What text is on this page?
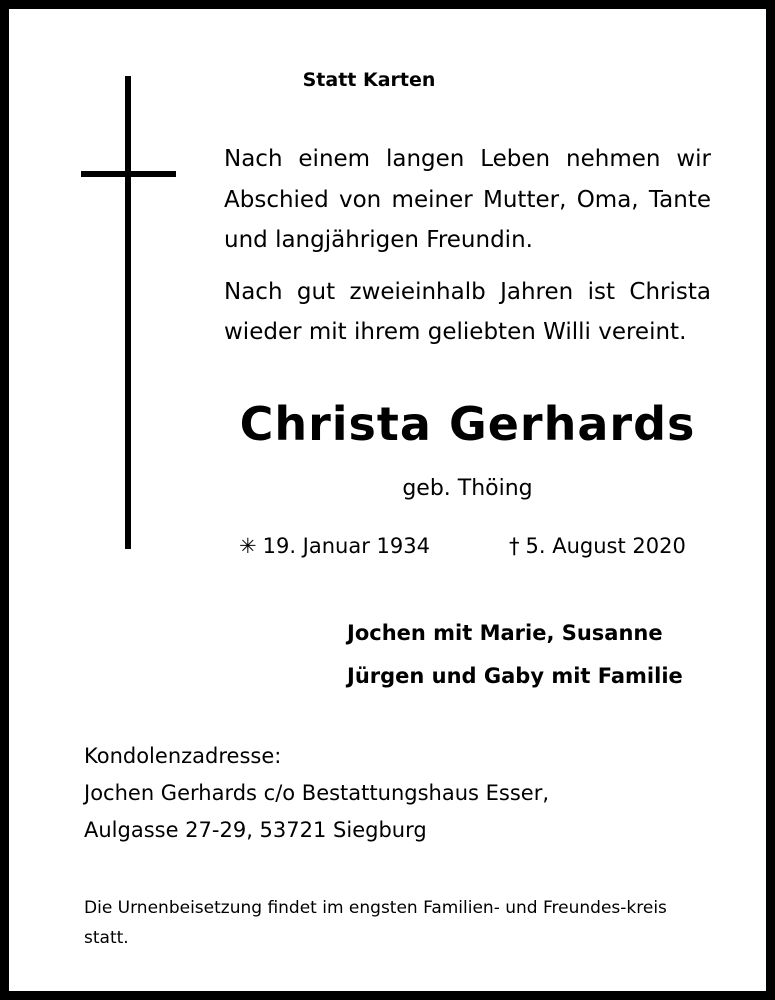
Statt Karten

Nach einem langen Leben nehmen wir Abschied von meiner Mutter, Oma, Tante und langjährigen Freundin.

Nach gut zweieinhalb Jahren ist Christa wieder mit ihrem geliebten Willi vereint.

Christa Gerhards
geb. Thöing
✳ 19. Januar 1934	† 5. August 2020
Jochen mit Marie, Susanne
Jürgen und Gaby mit Familie
Kondolenzadresse:
Jochen Gerhards c/o Bestattungshaus Esser,
Aulgasse 27-29, 53721 Siegburg
Die Urnenbeisetzung findet im engsten Familien- und Freundes-kreis statt.
